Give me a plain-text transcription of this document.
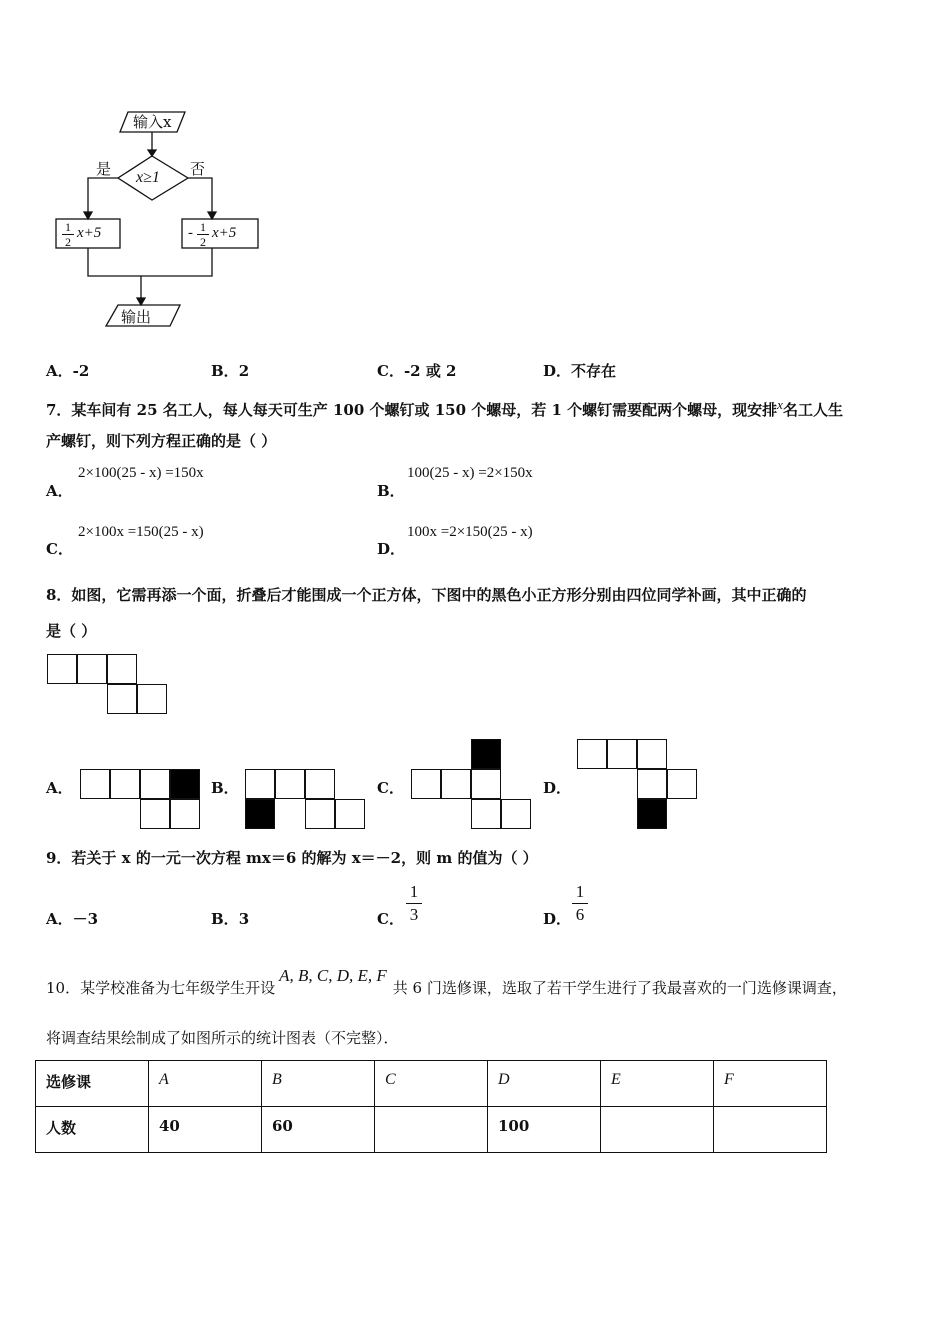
输入x
x≥1
是	否
1
2
x+5	- 1
2
x+5
输出
A．-2	B．2	C．-2 或 2	D．不存在
7．某车间有 25 名工人，每人每天可生产 100 个螺钉或 150 个螺母，若 1 个螺钉需要配两个螺母，现安排$^x$名工人生
产螺钉，则下列方程正确的是（ ）
A．
2×100(25 - x) =150x
B．
100(25 - x) =2×150x
C．
2×100x =150(25 - x)
D．
100x =2×150(25 - x)
8．如图，它需再添一个面，折叠后才能围成一个正方体，下图中的黑色小正方形分别由四位同学补画，其中正确的
是（ ）
A．	B．	C．	D．
9．若关于 x 的一元一次方程 mx＝6 的解为 x＝－2，则 m 的值为（ ）
A．－3	B．3	C．
1
3	D．
1
6
10．某学校准备为七年级学生开设A, B, C, D, E, F共 6 门选修课，选取了若干学生进行了我最喜欢的一门选修课调查，
将调查结果绘制成了如图所示的统计图表（不完整）．
选修课	A	B	C	D	E	F
人数	40	60		100		
